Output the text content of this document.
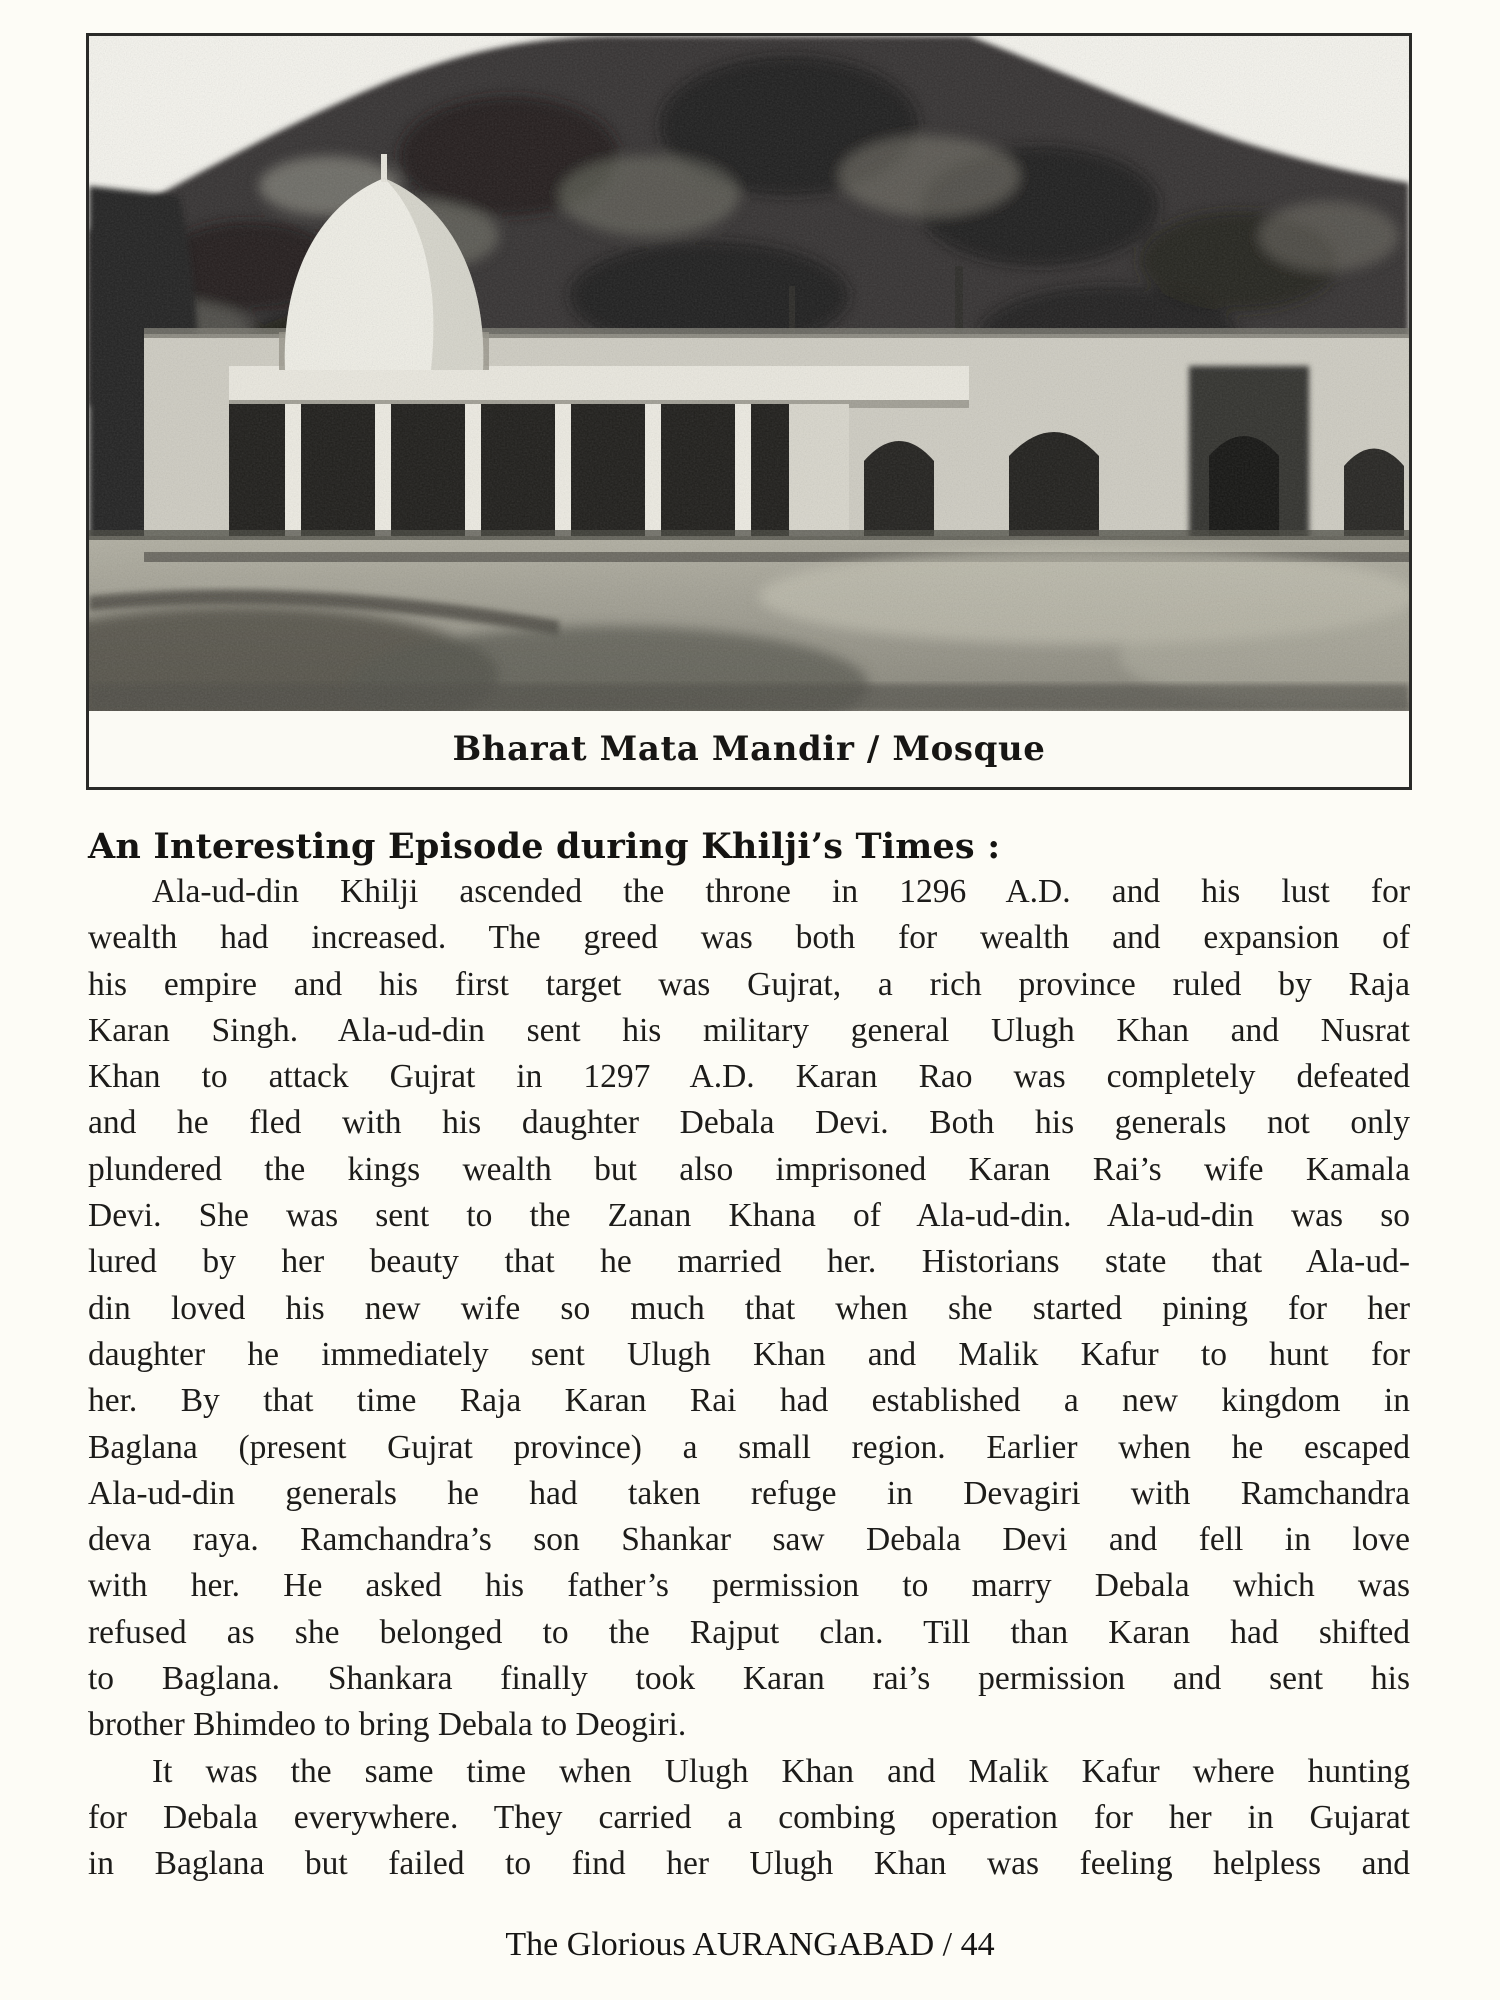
Bharat Mata Mandir / Mosque
An Interesting Episode during Khilji’s Times :
Ala-ud-din Khilji ascended the throne in 1296 A.D. and his lust for
wealth had increased. The greed was both for wealth and expansion of
his empire and his first target was Gujrat, a rich province ruled by Raja
Karan Singh. Ala-ud-din sent his military general Ulugh Khan and Nusrat
Khan to attack Gujrat in 1297 A.D. Karan Rao was completely defeated
and he fled with his daughter Debala Devi. Both his generals not only
plundered the kings wealth but also imprisoned Karan Rai’s wife Kamala
Devi. She was sent to the Zanan Khana of Ala-ud-din. Ala-ud-din was so
lured by her beauty that he married her. Historians state that Ala-ud-
din loved his new wife so much that when she started pining for her
daughter he immediately sent Ulugh Khan and Malik Kafur to hunt for
her. By that time Raja Karan Rai had established a new kingdom in
Baglana (present Gujrat province) a small region. Earlier when he escaped
Ala-ud-din generals he had taken refuge in Devagiri with Ramchandra
deva raya. Ramchandra’s son Shankar saw Debala Devi and fell in love
with her. He asked his father’s permission to marry Debala which was
refused as she belonged to the Rajput clan. Till than Karan had shifted
to Baglana. Shankara finally took Karan rai’s permission and sent his
brother Bhimdeo to bring Debala to Deogiri.
It was the same time when Ulugh Khan and Malik Kafur where hunting
for Debala everywhere. They carried a combing operation for her in Gujarat
in Baglana but failed to find her Ulugh Khan was feeling helpless and
The Glorious AURANGABAD / 44
